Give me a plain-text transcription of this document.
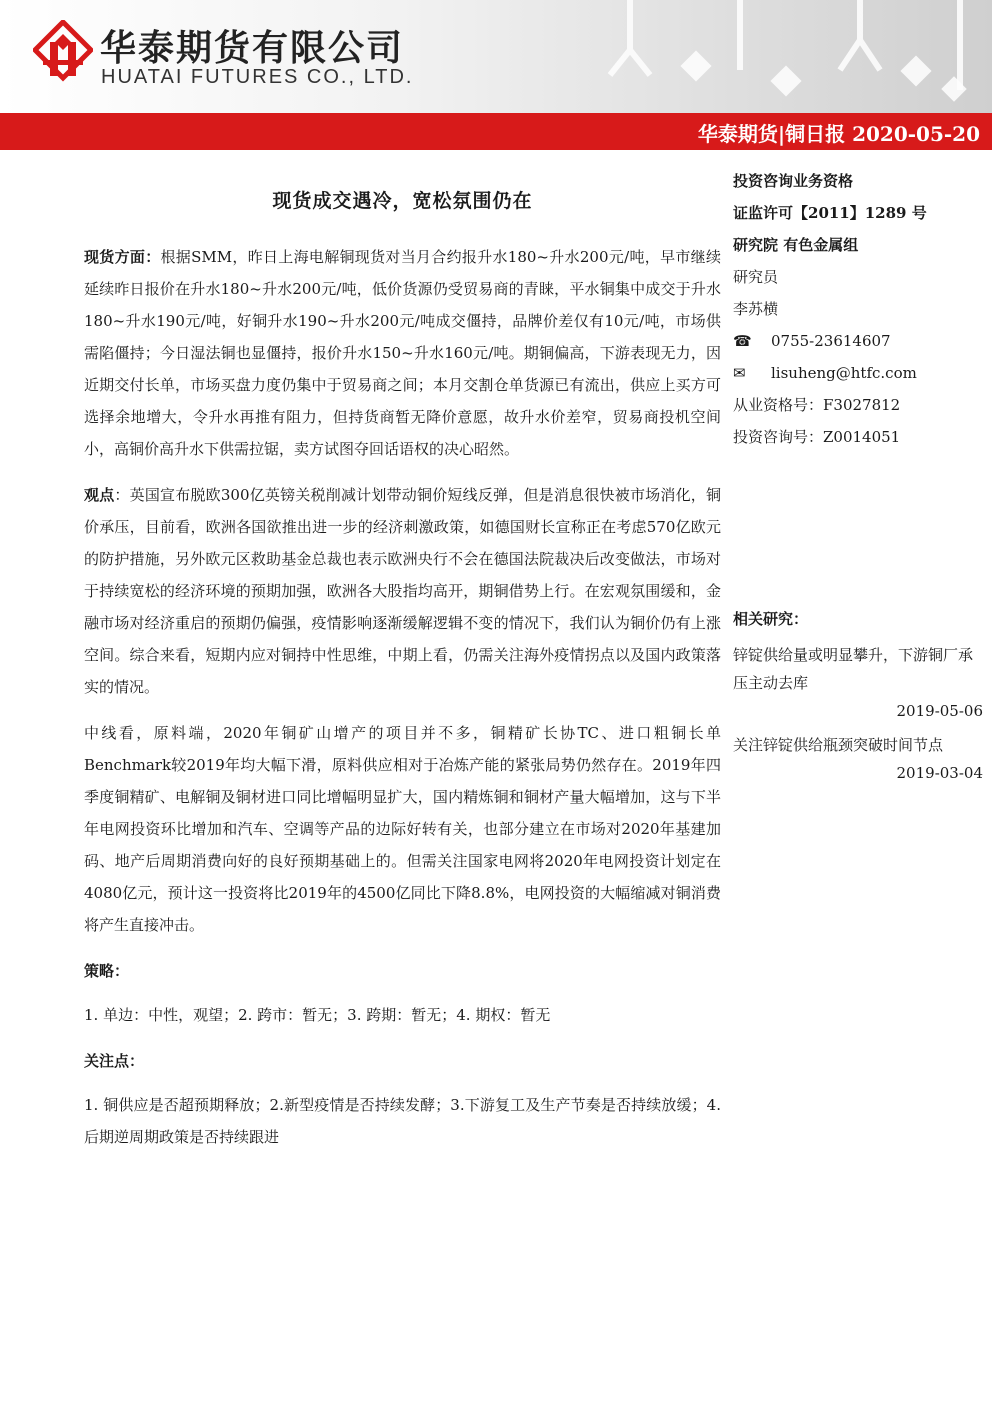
华泰期货有限公司
HUATAI FUTURES CO., LTD.
华泰期货|铜日报 2020-05-20
现货成交遇冷，宽松氛围仍在

现货方面：根据SMM，昨日上海电解铜现货对当月合约报升水180~升水200元/吨，早市继续延续昨日报价在升水180~升水200元/吨，低价货源仍受贸易商的青睐，平水铜集中成交于升水180~升水190元/吨，好铜升水190~升水200元/吨成交僵持，品牌价差仅有10元/吨，市场供需陷僵持；今日湿法铜也显僵持，报价升水150~升水160元/吨。期铜偏高，下游表现无力，因近期交付长单，市场买盘力度仍集中于贸易商之间；本月交割仓单货源已有流出，供应上买方可选择余地增大，令升水再推有阻力，但持货商暂无降价意愿，故升水价差窄，贸易商投机空间小，高铜价高升水下供需拉锯，卖方试图夺回话语权的决心昭然。

观点：英国宣布脱欧300亿英镑关税削减计划带动铜价短线反弹，但是消息很快被市场消化，铜价承压，目前看，欧洲各国欲推出进一步的经济刺激政策，如德国财长宣称正在考虑570亿欧元的防护措施，另外欧元区救助基金总裁也表示欧洲央行不会在德国法院裁决后改变做法，市场对于持续宽松的经济环境的预期加强，欧洲各大股指均高开，期铜借势上行。在宏观氛围缓和，金融市场对经济重启的预期仍偏强，疫情影响逐渐缓解逻辑不变的情况下，我们认为铜价仍有上涨空间。综合来看，短期内应对铜持中性思维，中期上看，仍需关注海外疫情拐点以及国内政策落实的情况。

中线看，原料端，2020年铜矿山增产的项目并不多，铜精矿长协TC、进口粗铜长单Benchmark较2019年均大幅下滑，原料供应相对于冶炼产能的紧张局势仍然存在。2019年四季度铜精矿、电解铜及铜材进口同比增幅明显扩大，国内精炼铜和铜材产量大幅增加，这与下半年电网投资环比增加和汽车、空调等产品的边际好转有关，也部分建立在市场对2020年基建加码、地产后周期消费向好的良好预期基础上的。但需关注国家电网将2020年电网投资计划定在4080亿元，预计这一投资将比2019年的4500亿同比下降8.8%，电网投资的大幅缩减对铜消费将产生直接冲击。

策略：

1. 单边：中性，观望；2. 跨市：暂无；3. 跨期：暂无；4. 期权：暂无

关注点：

1. 铜供应是否超预期释放；2.新型疫情是否持续发酵；3.下游复工及生产节奏是否持续放缓；4. 后期逆周期政策是否持续跟进

投资咨询业务资格
证监许可【2011】1289 号
研究院 有色金属组
研究员
李苏横
☎ 0755-23614607
✉ lisuheng@htfc.com
从业资格号：F3027812
投资咨询号：Z0014051
相关研究：
锌锭供给量或明显攀升，下游铜厂承压主动去库
2019-05-06
关注锌锭供给瓶颈突破时间节点
2019-03-04
